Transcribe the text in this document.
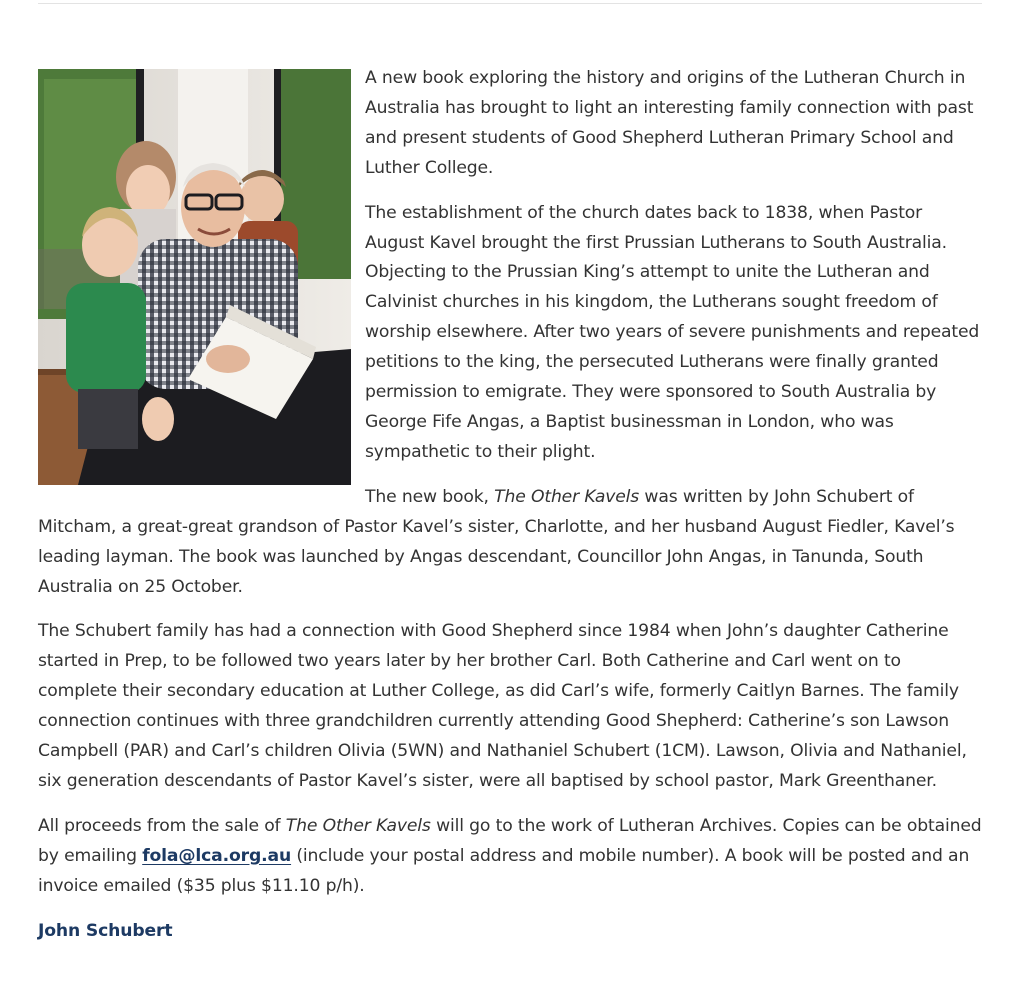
A new book exploring the history and origins of the Lutheran Church in Australia has brought to light an interesting family connection with past and present students of Good Shepherd Lutheran Primary School and Luther College.

The establishment of the church dates back to 1838, when Pastor August Kavel brought the first Prussian Lutherans to South Australia. Objecting to the Prussian King’s attempt to unite the Lutheran and Calvinist churches in his kingdom, the Lutherans sought freedom of worship elsewhere. After two years of severe punishments and repeated petitions to the king, the persecuted Lutherans were finally granted permission to emigrate. They were sponsored to South Australia by George Fife Angas, a Baptist businessman in London, who was sympathetic to their plight.

The new book, The Other Kavels was written by John Schubert of Mitcham, a great-great grandson of Pastor Kavel’s sister, Charlotte, and her husband August Fiedler, Kavel’s leading layman. The book was launched by Angas descendant, Councillor John Angas, in Tanunda, South Australia on 25 October.

The Schubert family has had a connection with Good Shepherd since 1984 when John’s daughter Catherine started in Prep, to be followed two years later by her brother Carl. Both Catherine and Carl went on to complete their secondary education at Luther College, as did Carl’s wife, formerly Caitlyn Barnes. The family connection continues with three grandchildren currently attending Good Shepherd: Catherine’s son Lawson Campbell (PAR) and Carl’s children Olivia (5WN) and Nathaniel Schubert (1CM). Lawson, Olivia and Nathaniel, six generation descendants of Pastor Kavel’s sister, were all baptised by school pastor, Mark Greenthaner.

All proceeds from the sale of The Other Kavels will go to the work of Lutheran Archives. Copies can be obtained by emailing fola@lca.org.au (include your postal address and mobile number). A book will be posted and an invoice emailed ($35 plus $11.10 p/h).

John Schubert
